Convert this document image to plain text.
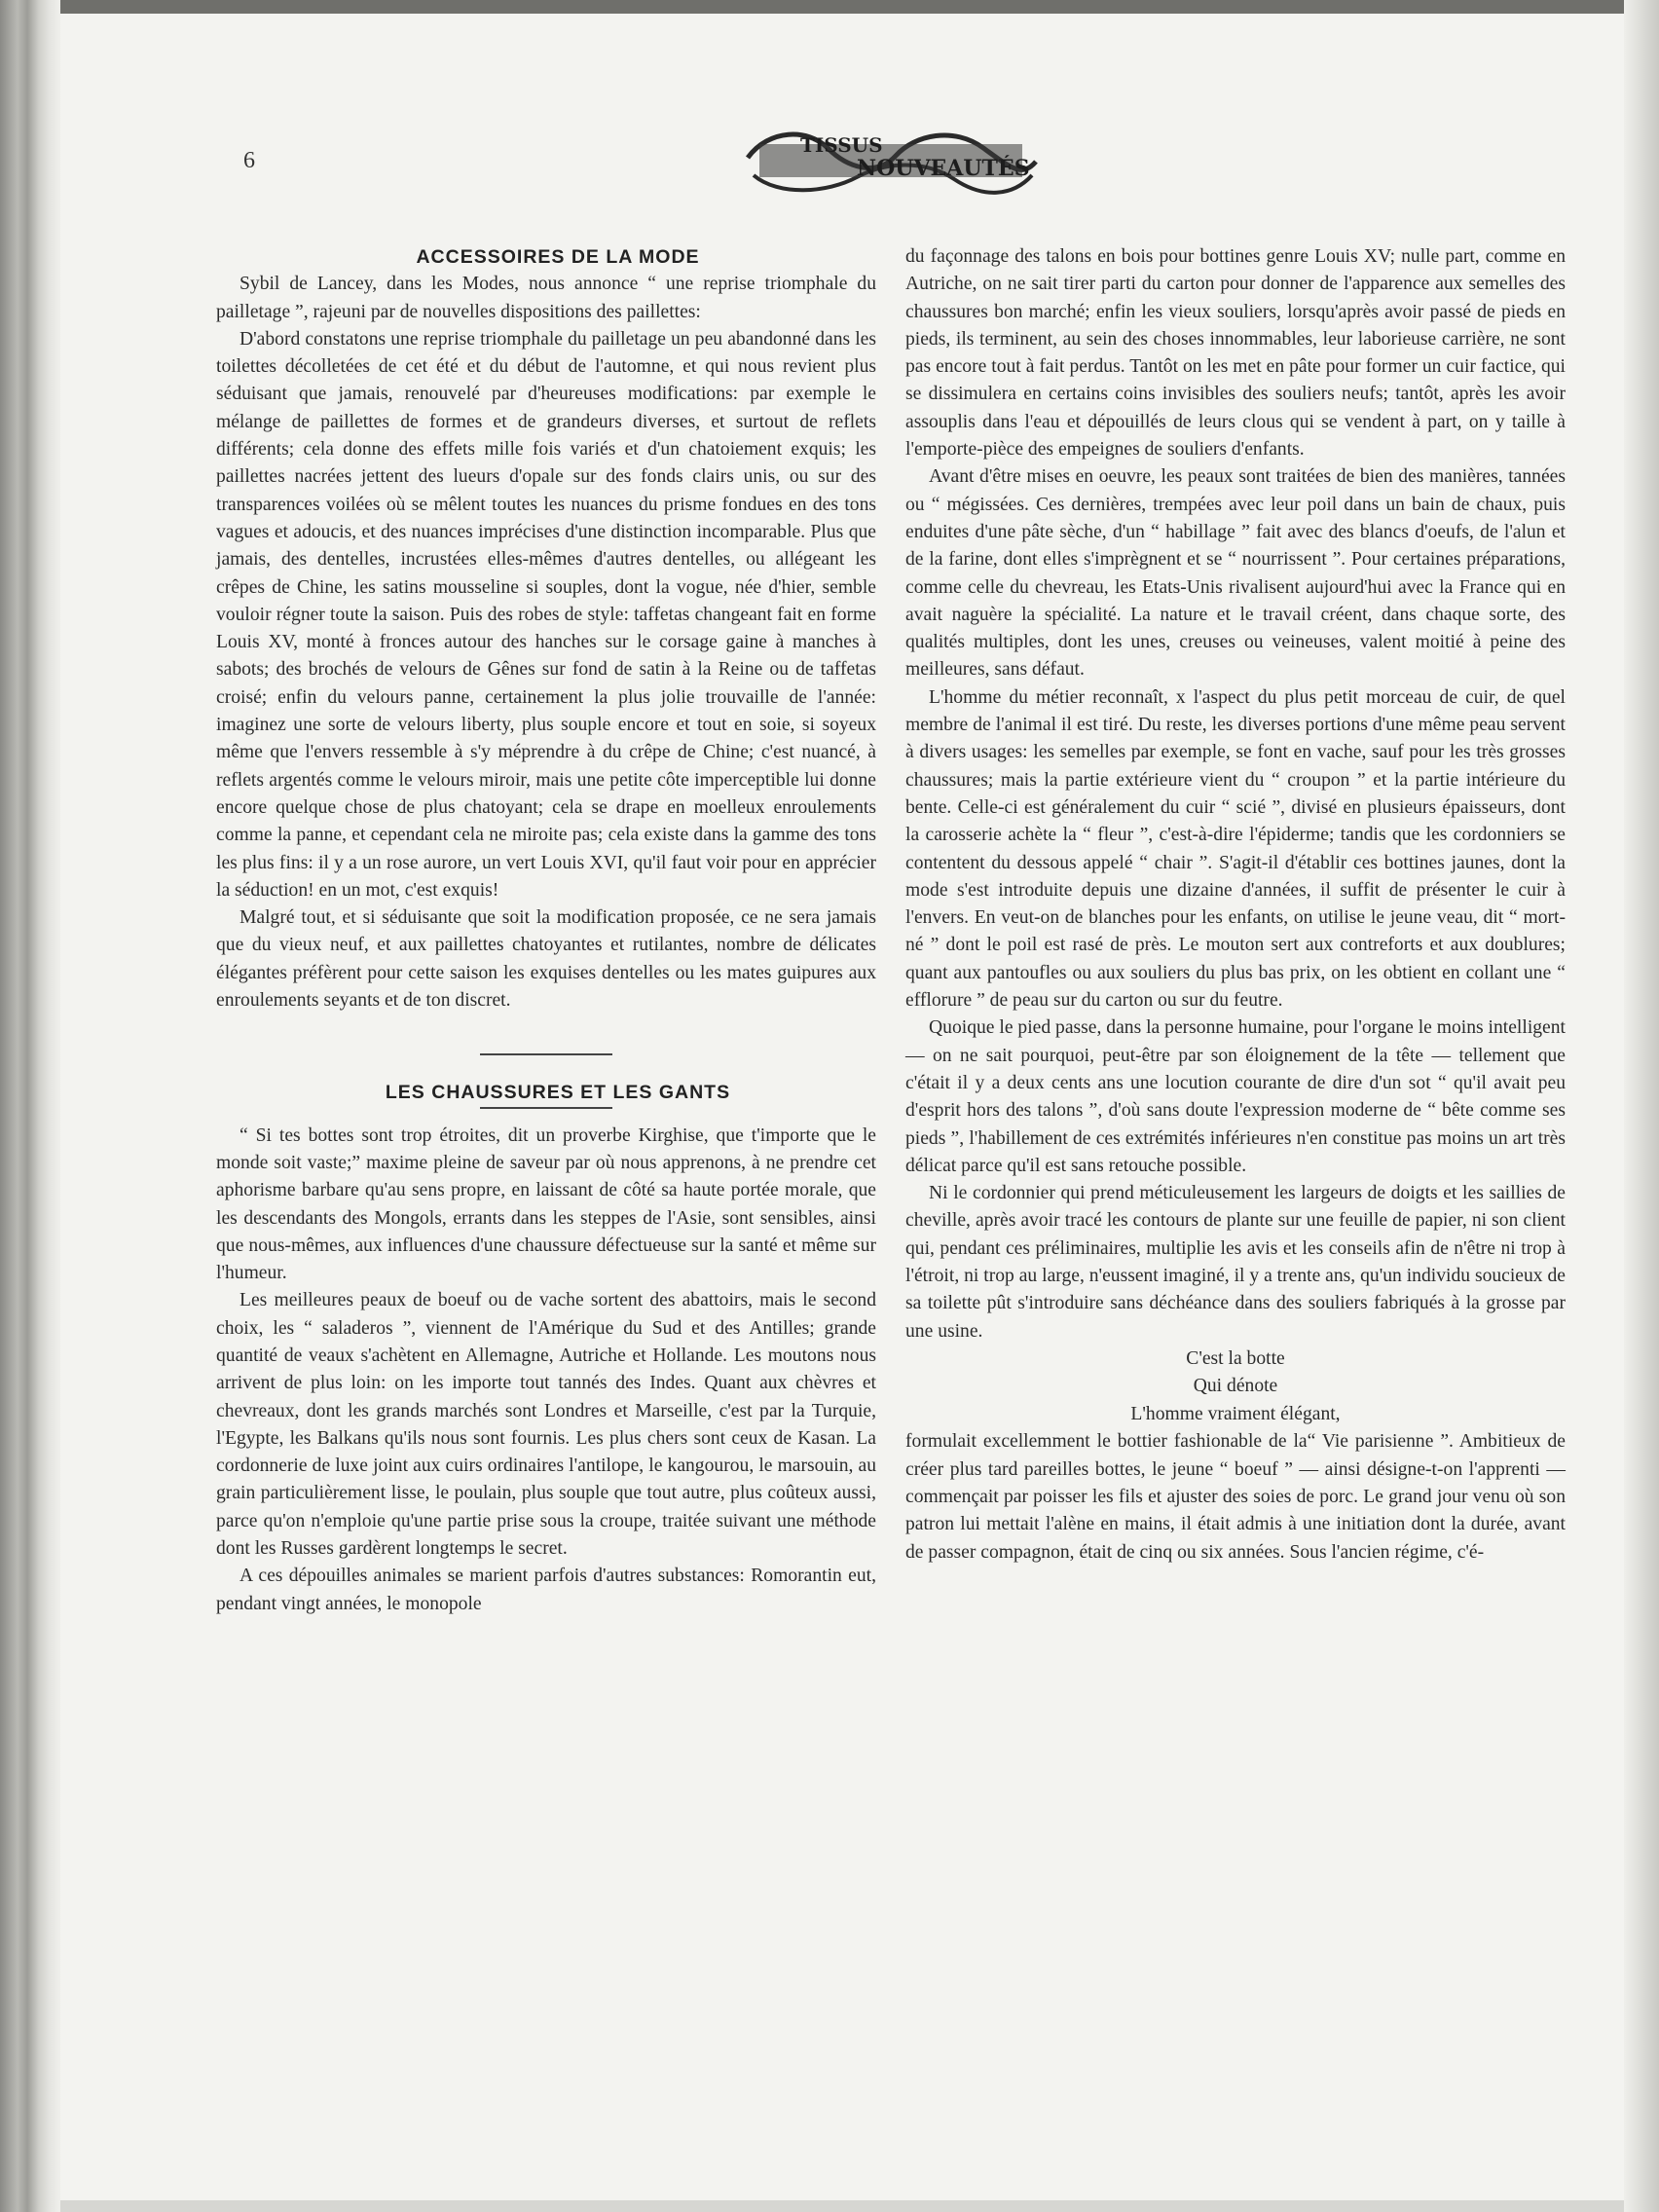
6
TISSUS
NOUVEAUTÉS

ACCESSOIRES DE LA MODE

Sybil de Lancey, dans les Modes, nous annonce “ une reprise triomphale du pailletage ”, rajeuni par de nouvelles dispositions des paillettes:

D'abord constatons une reprise triomphale du pailletage un peu abandonné dans les toilettes décolletées de cet été et du début de l'automne, et qui nous revient plus séduisant que jamais, renouvelé par d'heureuses modifications: par exemple le mélange de paillettes de formes et de grandeurs diverses, et surtout de reflets différents; cela donne des effets mille fois variés et d'un chatoiement exquis; les paillettes nacrées jettent des lueurs d'opale sur des fonds clairs unis, ou sur des transparences voilées où se mêlent toutes les nuances du prisme fondues en des tons vagues et adoucis, et des nuances imprécises d'une distinction incomparable. Plus que jamais, des dentelles, incrustées elles-mêmes d'autres dentelles, ou allégeant les crêpes de Chine, les satins mousseline si souples, dont la vogue, née d'hier, semble vouloir régner toute la saison. Puis des robes de style: taffetas changeant fait en forme Louis XV, monté à fronces autour des hanches sur le corsage gaine à manches à sabots; des brochés de velours de Gênes sur fond de satin à la Reine ou de taffetas croisé; enfin du velours panne, certainement la plus jolie trouvaille de l'année: imaginez une sorte de velours liberty, plus souple encore et tout en soie, si soyeux même que l'envers ressemble à s'y méprendre à du crêpe de Chine; c'est nuancé, à reflets argentés comme le velours miroir, mais une petite côte imperceptible lui donne encore quelque chose de plus chatoyant; cela se drape en moelleux enroulements comme la panne, et cependant cela ne miroite pas; cela existe dans la gamme des tons les plus fins: il y a un rose aurore, un vert Louis XVI, qu'il faut voir pour en apprécier la séduction! en un mot, c'est exquis!

Malgré tout, et si séduisante que soit la modification proposée, ce ne sera jamais que du vieux neuf, et aux paillettes chatoyantes et rutilantes, nombre de délicates élégantes préfèrent pour cette saison les exquises dentelles ou les mates guipures aux enroulements seyants et de ton discret.

LES CHAUSSURES ET LES GANTS

“ Si tes bottes sont trop étroites, dit un proverbe Kirghise, que t'importe que le monde soit vaste;” maxime pleine de saveur par où nous apprenons, à ne prendre cet aphorisme barbare qu'au sens propre, en laissant de côté sa haute portée morale, que les descendants des Mongols, errants dans les steppes de l'Asie, sont sensibles, ainsi que nous-mêmes, aux influences d'une chaussure défectueuse sur la santé et même sur l'humeur.

Les meilleures peaux de boeuf ou de vache sortent des abattoirs, mais le second choix, les “ saladeros ”, viennent de l'Amérique du Sud et des Antilles; grande quantité de veaux s'achètent en Allemagne, Autriche et Hollande. Les moutons nous arrivent de plus loin: on les importe tout tannés des Indes. Quant aux chèvres et chevreaux, dont les grands marchés sont Londres et Marseille, c'est par la Turquie, l'Egypte, les Balkans qu'ils nous sont fournis. Les plus chers sont ceux de Kasan. La cordonnerie de luxe joint aux cuirs ordinaires l'antilope, le kangourou, le marsouin, au grain particulièrement lisse, le poulain, plus souple que tout autre, plus coûteux aussi, parce qu'on n'emploie qu'une partie prise sous la croupe, traitée suivant une méthode dont les Russes gardèrent longtemps le secret.

A ces dépouilles animales se marient parfois d'autres substances: Romorantin eut, pendant vingt années, le monopole

du façonnage des talons en bois pour bottines genre Louis XV; nulle part, comme en Autriche, on ne sait tirer parti du carton pour donner de l'apparence aux semelles des chaussures bon marché; enfin les vieux souliers, lorsqu'après avoir passé de pieds en pieds, ils terminent, au sein des choses innommables, leur laborieuse carrière, ne sont pas encore tout à fait perdus. Tantôt on les met en pâte pour former un cuir factice, qui se dissimulera en certains coins invisibles des souliers neufs; tantôt, après les avoir assouplis dans l'eau et dépouillés de leurs clous qui se vendent à part, on y taille à l'emporte-pièce des empeignes de souliers d'enfants.

Avant d'être mises en oeuvre, les peaux sont traitées de bien des manières, tannées ou “ mégissées. Ces dernières, trempées avec leur poil dans un bain de chaux, puis enduites d'une pâte sèche, d'un “ habillage ” fait avec des blancs d'oeufs, de l'alun et de la farine, dont elles s'imprègnent et se “ nourrissent ”. Pour certaines préparations, comme celle du chevreau, les Etats-Unis rivalisent aujourd'hui avec la France qui en avait naguère la spécialité. La nature et le travail créent, dans chaque sorte, des qualités multiples, dont les unes, creuses ou veineuses, valent moitié à peine des meilleures, sans défaut.

L'homme du métier reconnaît, x l'aspect du plus petit morceau de cuir, de quel membre de l'animal il est tiré. Du reste, les diverses portions d'une même peau servent à divers usages: les semelles par exemple, se font en vache, sauf pour les très grosses chaussures; mais la partie extérieure vient du “ croupon ” et la partie intérieure du bente. Celle-ci est généralement du cuir “ scié ”, divisé en plusieurs épaisseurs, dont la carosserie achète la “ fleur ”, c'est-à-dire l'épiderme; tandis que les cordonniers se contentent du dessous appelé “ chair ”. S'agit-il d'établir ces bottines jaunes, dont la mode s'est introduite depuis une dizaine d'années, il suffit de présenter le cuir à l'envers. En veut-on de blanches pour les enfants, on utilise le jeune veau, dit “ mort-né ” dont le poil est rasé de près. Le mouton sert aux contreforts et aux doublures; quant aux pantoufles ou aux souliers du plus bas prix, on les obtient en collant une “ efflorure ” de peau sur du carton ou sur du feutre.

Quoique le pied passe, dans la personne humaine, pour l'organe le moins intelligent — on ne sait pourquoi, peut-être par son éloignement de la tête — tellement que c'était il y a deux cents ans une locution courante de dire d'un sot “ qu'il avait peu d'esprit hors des talons ”, d'où sans doute l'expression moderne de “ bête comme ses pieds ”, l'habillement de ces extrémités inférieures n'en constitue pas moins un art très délicat parce qu'il est sans retouche possible.

Ni le cordonnier qui prend méticuleusement les largeurs de doigts et les saillies de cheville, après avoir tracé les contours de plante sur une feuille de papier, ni son client qui, pendant ces préliminaires, multiplie les avis et les conseils afin de n'être ni trop à l'étroit, ni trop au large, n'eussent imaginé, il y a trente ans, qu'un individu soucieux de sa toilette pût s'introduire sans déchéance dans des souliers fabriqués à la grosse par une usine.

C'est la botte
Qui dénote
L'homme vraiment élégant,

formulait excellemment le bottier fashionable de la“ Vie parisienne ”. Ambitieux de créer plus tard pareilles bottes, le jeune “ boeuf ” — ainsi désigne-t-on l'apprenti — commençait par poisser les fils et ajuster des soies de porc. Le grand jour venu où son patron lui mettait l'alène en mains, il était admis à une initiation dont la durée, avant de passer compagnon, était de cinq ou six années. Sous l'ancien régime, c'é-
